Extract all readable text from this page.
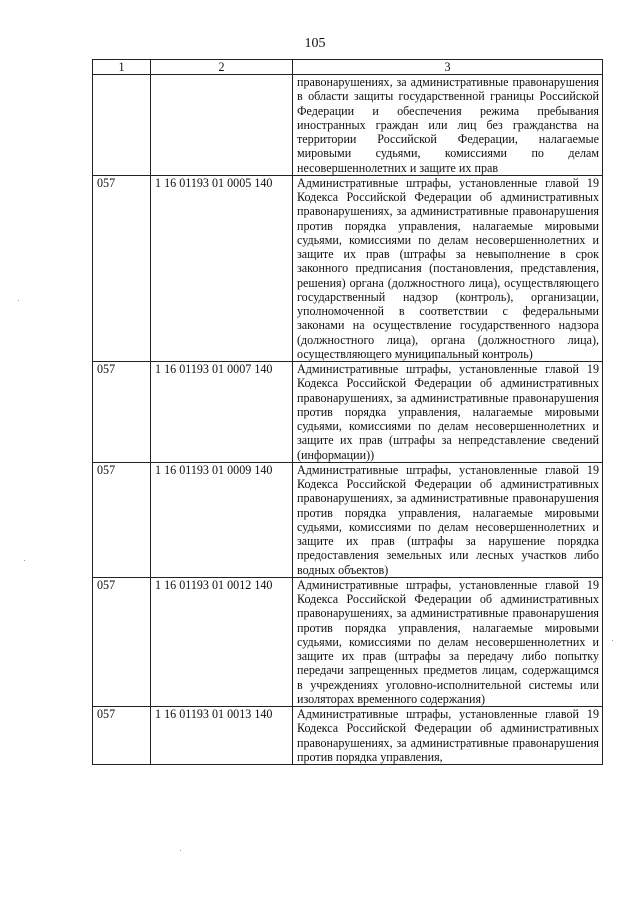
105
1	2	3
		правонарушениях, за административные правонарушения в области защиты государственной границы Российской Федерации и обеспечения режима пребывания иностранных граждан или лиц без гражданства на территории Российской Федерации, налагаемые мировыми судьями, комиссиями по делам несовершеннолетних и защите их прав
057	1 16 01193 01 0005 140	Административные штрафы, установленные главой 19 Кодекса Российской Федерации об административных правонарушениях, за административные правонарушения против порядка управления, налагаемые мировыми судьями, комиссиями по делам несовершеннолетних и защите их прав (штрафы за невыполнение в срок законного предписания (постановления, представления, решения) органа (должностного лица), осуществляющего государственный надзор (контроль), организации, уполномоченной в соответствии с федеральными законами на осуществление государственного надзора (должностного лица), органа (должностного лица), осуществляющего муниципальный контроль)
057	1 16 01193 01 0007 140	Административные штрафы, установленные главой 19 Кодекса Российской Федерации об административных правонарушениях, за административные правонарушения против порядка управления, налагаемые мировыми судьями, комиссиями по делам несовершеннолетних и защите их прав (штрафы за непредставление сведений (информации))
057	1 16 01193 01 0009 140	Административные штрафы, установленные главой 19 Кодекса Российской Федерации об административных правонарушениях, за административные правонарушения против порядка управления, налагаемые мировыми судьями, комиссиями по делам несовершеннолетних и защите их прав (штрафы за нарушение порядка предоставления земельных или лесных участков либо водных объектов)
057	1 16 01193 01 0012 140	Административные штрафы, установленные главой 19 Кодекса Российской Федерации об административных правонарушениях, за административные правонарушения против порядка управления, налагаемые мировыми судьями, комиссиями по делам несовершеннолетних и защите их прав (штрафы за передачу либо попытку передачи запрещенных предметов лицам, содержащимся в учреждениях уголовно-исполнительной системы или изоляторах временного содержания)
057	1 16 01193 01 0013 140	Административные штрафы, установленные главой 19 Кодекса Российской Федерации об административных правонарушениях, за административные правонарушения против порядка управления,
